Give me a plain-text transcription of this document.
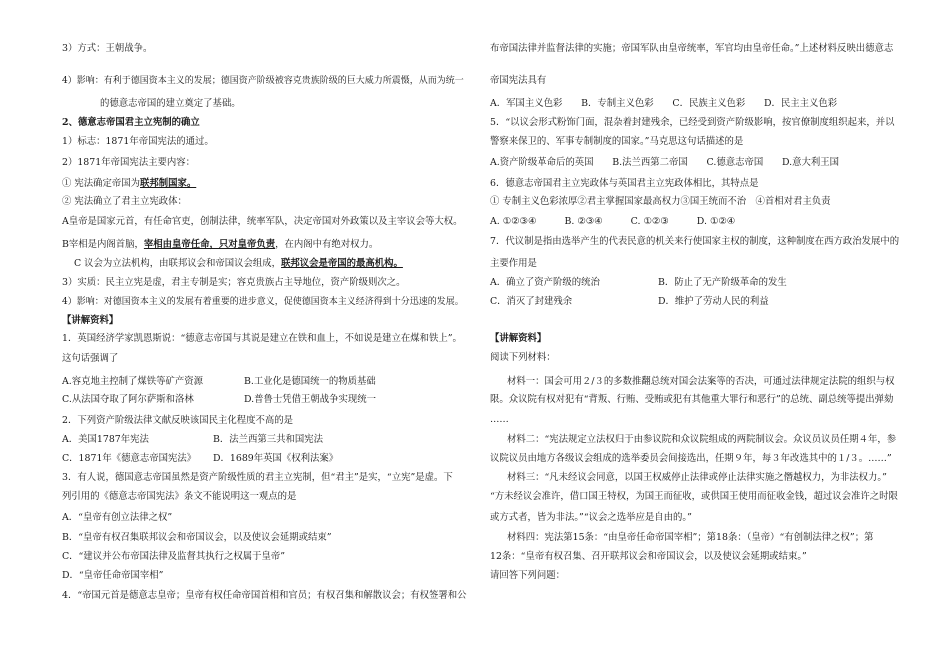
3）方式：王朝战争。
4）影响：有利于德国资本主义的发展；德国资产阶级被容克贵族阶级的巨大威力所震慑，从而为统一
的德意志帝国的建立奠定了基础。
2、德意志帝国君主立宪制的确立
1）标志：1871年帝国宪法的通过。
2）1871年帝国宪法主要内容：
① 宪法确定帝国为联邦制国家。
② 宪法确立了君主立宪政体：
A皇帝是国家元首，有任命官吏，创制法律，统率军队，决定帝国对外政策以及主宰议会等大权。
B宰相是内阁首脑，宰相由皇帝任命，只对皇帝负责，在内阁中有绝对权力。
C 议会为立法机构，由联邦议会和帝国议会组成，联邦议会是帝国的最高机构。
3）实质：民主立宪是虚，君主专制是实；容克贵族占主导地位，资产阶级则次之。
4）影响：对德国资本主义的发展有着重要的进步意义，促使德国资本主义经济得到十分迅速的发展。
【讲解资料】
1．英国经济学家凯恩斯说：“德意志帝国与其说是建立在铁和血上，不如说是建立在煤和铁上”。
这句话强调了
A.容克地主控制了煤铁等矿产资源	B.工业化是德国统一的物质基础
C.从法国夺取了阿尔萨斯和洛林	D.普鲁士凭借王朝战争实现统一
2．下列资产阶级法律文献反映该国民主化程度不高的是
A．美国1787年宪法	B．法兰西第三共和国宪法
C．1871年《德意志帝国宪法》 D．1689年英国《权利法案》
3．有人说，德国意志帝国虽然是资产阶级性质的君主立宪制，但“君主”是实，“立宪”是虚。下
列引用的《德意志帝国宪法》条文不能说明这一观点的是
A．“皇帝有创立法律之权”
B．“皇帝有权召集联邦议会和帝国议会，以及使议会延期或结束”
C．“建议并公布帝国法律及监督其执行之权属于皇帝”
D．“皇帝任命帝国宰相”
4．“帝国元首是德意志皇帝；皇帝有权任命帝国首相和官员；有权召集和解散议会；有权签署和公
布帝国法律并监督法律的实施；帝国军队由皇帝统率，军官均由皇帝任命。”上述材料反映出德意志
帝国宪法具有
A．军国主义色彩　　B．专制主义色彩　　C．民族主义色彩　　D．民主主义色彩
5．“以议会形式粉饰门面，混杂着封建残余，已经受到资产阶级影响，按官僚制度组织起来，并以
警察来保卫的、军事专制制度的国家。”马克思这句话描述的是
A.资产阶级革命后的英国　　B.法兰西第二帝国　　C.德意志帝国　　D.意大利王国
6．德意志帝国君主立宪政体与英国君主立宪政体相比，其特点是
① 专制主义色彩浓厚②君主掌握国家最高权力③国王统而不治　④首相对君主负责
A. ①②③④　　　B. ②③④　　　C. ①②③　　　D. ①②④
7．代议制是指由选举产生的代表民意的机关来行使国家主权的制度，这种制度在西方政治发展中的
主要作用是
A．确立了资产阶级的统治	B．防止了无产阶级革命的发生
C．消灭了封建残余	D．维护了劳动人民的利益
【讲解资料】
阅读下列材料：
材料一：国会可用２/３的多数推翻总统对国会法案等的否决，可通过法律规定法院的组织与权
限。众议院有权对犯有“背叛、行贿、受贿或犯有其他重大罪行和恶行”的总统、副总统等提出弹劾
……
材料二：“宪法规定立法权归于由参议院和众议院组成的两院制议会。众议员议员任期４年，参
议院议员由地方各级议会组成的选举委员会间接选出，任期９年，每３年改选其中的１/３。……”
材料三：“凡未经议会同意，以国王权威停止法律或停止法律实施之僭越权力，为非法权力。”
“方未经议会准许，借口国王特权，为国王而征收，或供国王使用而征收金钱，超过议会准许之时限
或方式者，皆为非法。”“议会之选举应是自由的。”
材料四：宪法第15条：“由皇帝任命帝国宰相”；第18条：（皇帝）“有创制法律之权”；第
12条：“皇帝有权召集、召开联邦议会和帝国议会，以及使议会延期或结束。”
请回答下列问题：
